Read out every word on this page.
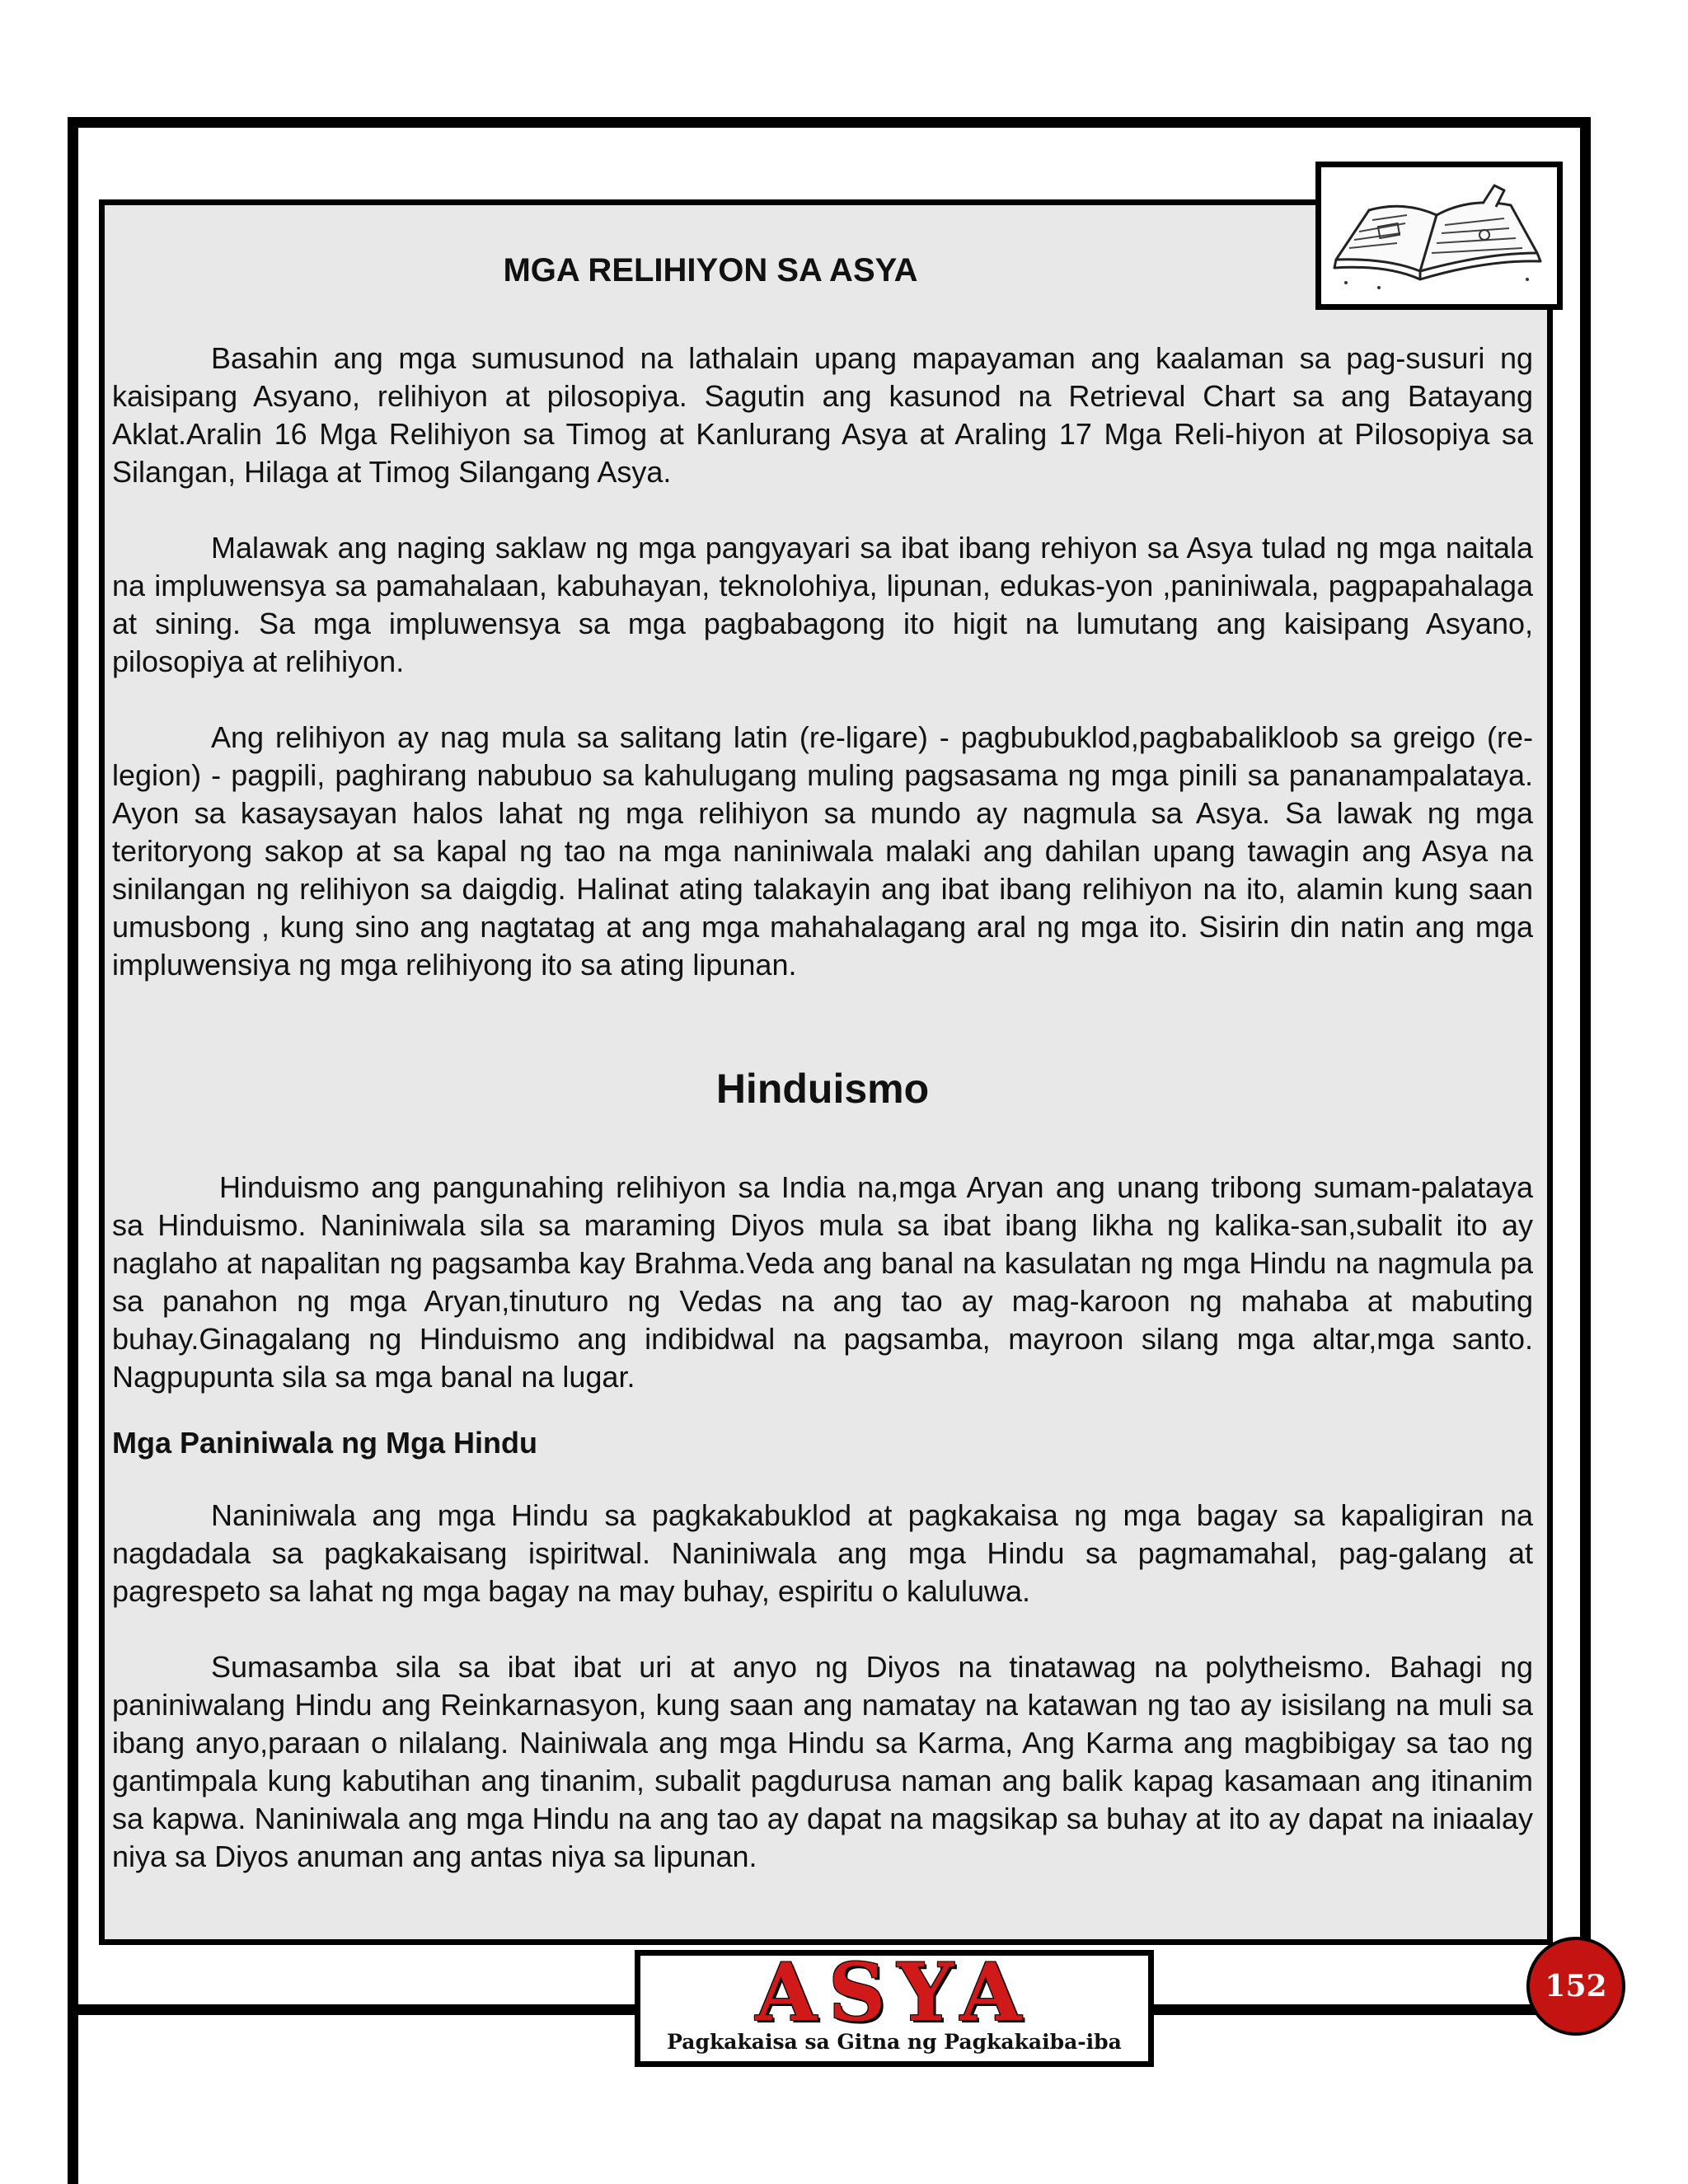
MGA RELIHIYON SA ASYA

Basahin ang mga sumusunod na lathalain upang mapayaman ang kaalaman sa pag-susuri ng kaisipang Asyano, relihiyon at pilosopiya. Sagutin ang kasunod na Retrieval Chart sa ang Batayang Aklat.Aralin 16 Mga Relihiyon sa Timog at Kanlurang Asya at Araling 17 Mga Reli-hiyon at Pilosopiya sa Silangan, Hilaga at Timog Silangang Asya.

Malawak ang naging saklaw ng mga pangyayari sa ibat ibang rehiyon sa Asya tulad ng mga naitala na impluwensya sa pamahalaan, kabuhayan, teknolohiya, lipunan, edukas-yon ,paniniwala, pagpapahalaga at sining. Sa mga impluwensya sa mga pagbabagong ito higit na lumutang ang kaisipang Asyano, pilosopiya at relihiyon.

Ang relihiyon ay nag mula sa salitang latin (re-ligare) - pagbubuklod,pagbabalikloob sa greigo (re-legion) - pagpili, paghirang nabubuo sa kahulugang muling pagsasama ng mga pinili sa pananampalataya. Ayon sa kasaysayan halos lahat ng mga relihiyon sa mundo ay nagmula sa Asya. Sa lawak ng mga teritoryong sakop at sa kapal ng tao na mga naniniwala malaki ang dahilan upang tawagin ang Asya na sinilangan ng relihiyon sa daigdig. Halinat ating talakayin ang ibat ibang relihiyon na ito, alamin kung saan umusbong , kung sino ang nagtatag at ang mga mahahalagang aral ng mga ito. Sisirin din natin ang mga impluwensiya ng mga relihiyong ito sa ating lipunan.

Hinduismo

Hinduismo ang pangunahing relihiyon sa India na,mga Aryan ang unang tribong sumam-palataya sa Hinduismo. Naniniwala sila sa maraming Diyos mula sa ibat ibang likha ng kalika-san,subalit ito ay naglaho at napalitan ng pagsamba kay Brahma.Veda ang banal na kasulatan ng mga Hindu na nagmula pa sa panahon ng mga Aryan,tinuturo ng Vedas na ang tao ay mag-karoon ng mahaba at mabuting buhay.Ginagalang ng Hinduismo ang indibidwal na pagsamba, mayroon silang mga altar,mga santo. Nagpupunta sila sa mga banal na lugar.

Mga Paniniwala ng Mga Hindu

Naniniwala ang mga Hindu sa pagkakabuklod at pagkakaisa ng mga bagay sa kapaligiran na nagdadala sa pagkakaisang ispiritwal. Naniniwala ang mga Hindu sa pagmamahal, pag-galang at pagrespeto sa lahat ng mga bagay na may buhay, espiritu o kaluluwa.

Sumasamba sila sa ibat ibat uri at anyo ng Diyos na tinatawag na polytheismo. Bahagi ng paniniwalang Hindu ang Reinkarnasyon, kung saan ang namatay na katawan ng tao ay isisilang na muli sa ibang anyo,paraan o nilalang. Nainiwala ang mga Hindu sa Karma, Ang Karma ang magbibigay sa tao ng gantimpala kung kabutihan ang tinanim, subalit pagdurusa naman ang balik kapag kasamaan ang itinanim sa kapwa. Naniniwala ang mga Hindu na ang tao ay dapat na magsikap sa buhay at ito ay dapat na iniaalay niya sa Diyos anuman ang antas niya sa lipunan.

ASYA
Pagkakaisa sa Gitna ng Pagkakaiba-iba
152
